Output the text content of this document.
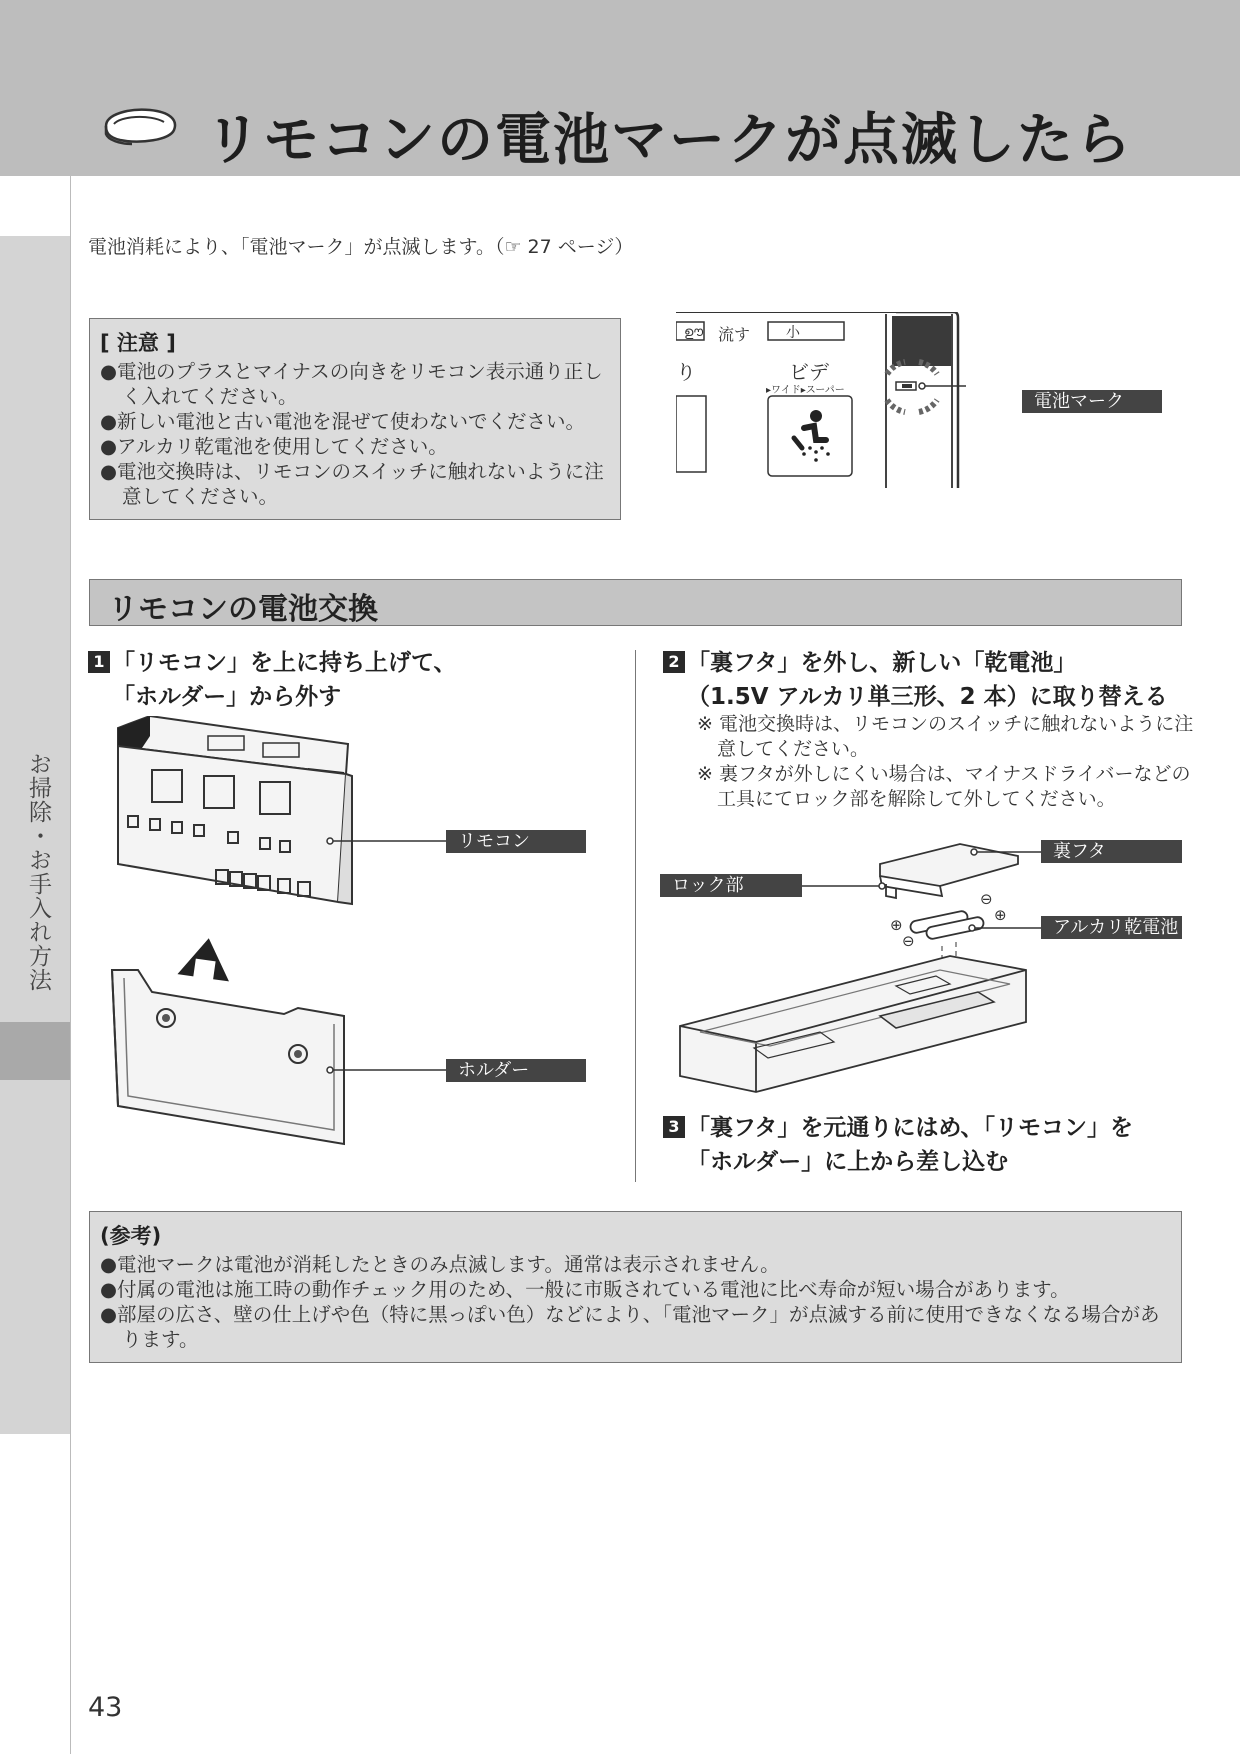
リモコンの電池マークが点滅したら
お掃除・お手入れ方法
電池消耗により、「電池マーク」が点滅します。（☞ 27 ページ）
[ 注意 ]
●電池のプラスとマイナスの向きをリモコン表示通り正しく入れてください。
●新しい電池と古い電池を混ぜて使わないでください。
●アルカリ乾電池を使用してください。
●電池交換時は、リモコンのスイッチに触れないように注意してください。
ഊ 流す	小
り	ビデ
▸ワイド▸スーパー
電池マーク
リモコンの電池交換
1 「リモコン」を上に持ち上げて、
「ホルダー」から外す
リモコン
ホルダー
2 「裏フタ」を外し、新しい「乾電池」
（1.5V アルカリ単三形、2 本）に取り替える
※ 電池交換時は、リモコンのスイッチに触れないように注意してください。
※ 裏フタが外しにくい場合は、マイナスドライバーなどの工具にてロック部を解除して外してください。
⊕
⊖
⊖
⊕
裏フタ
ロック部
アルカリ乾電池
3 「裏フタ」を元通りにはめ、「リモコン」を
「ホルダー」に上から差し込む
(参考)
●電池マークは電池が消耗したときのみ点滅します。通常は表示されません。
●付属の電池は施工時の動作チェック用のため、一般に市販されている電池に比べ寿命が短い場合があります。
●部屋の広さ、壁の仕上げや色（特に黒っぽい色）などにより、「電池マーク」が点滅する前に使用できなくなる場合があります。
43
